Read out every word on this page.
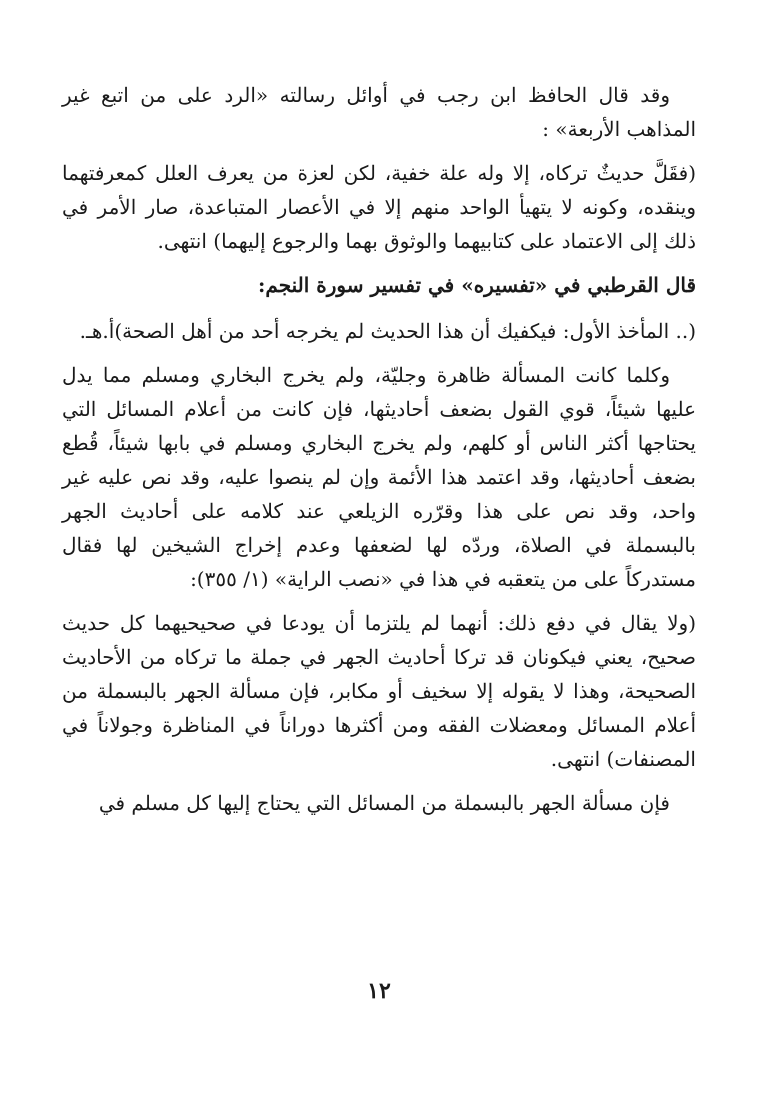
وقد قال الحافظ ابن رجب في أوائل رسالته «الرد على من اتبع غير المذاهب الأربعة» :

(فقَلَّ حديثٌ تركاه، إلا وله علة خفية، لكن لعزة من يعرف العلل كمعرفتهما وينقده، وكونه لا يتهيأ الواحد منهم إلا في الأعصار المتباعدة، صار الأمر في ذلك إلى الاعتماد على كتابيهما والوثوق بهما والرجوع إليهما) انتهى.

قال القرطبي في «تفسيره» في تفسير سورة النجم:

(.. المأخذ الأول: فيكفيك أن هذا الحديث لم يخرجه أحد من أهل الصحة)أ.هـ.

وكلما كانت المسألة ظاهرة وجليّة، ولم يخرج البخاري ومسلم مما يدل عليها شيئاً، قوي القول بضعف أحاديثها، فإن كانت من أعلام المسائل التي يحتاجها أكثر الناس أو كلهم، ولم يخرج البخاري ومسلم في بابها شيئاً، قُطع بضعف أحاديثها، وقد اعتمد هذا الأئمة وإن لم ينصوا عليه، وقد نص عليه غير واحد، وقد نص على هذا وقرّره الزيلعي عند كلامه على أحاديث الجهر بالبسملة في الصلاة، وردّه لها لضعفها وعدم إخراج الشيخين لها فقال مستدركاً على من يتعقبه في هذا في «نصب الراية» (١/ ٣٥٥):

(ولا يقال في دفع ذلك: أنهما لم يلتزما أن يودعا في صحيحيهما كل حديث صحيح، يعني فيكونان قد تركا أحاديث الجهر في جملة ما تركاه من الأحاديث الصحيحة، وهذا لا يقوله إلا سخيف أو مكابر، فإن مسألة الجهر بالبسملة من أعلام المسائل ومعضلات الفقه ومن أكثرها دوراناً في المناظرة وجولاناً في المصنفات) انتهى.

فإن مسألة الجهر بالبسملة من المسائل التي يحتاج إليها كل مسلم في

١٢
